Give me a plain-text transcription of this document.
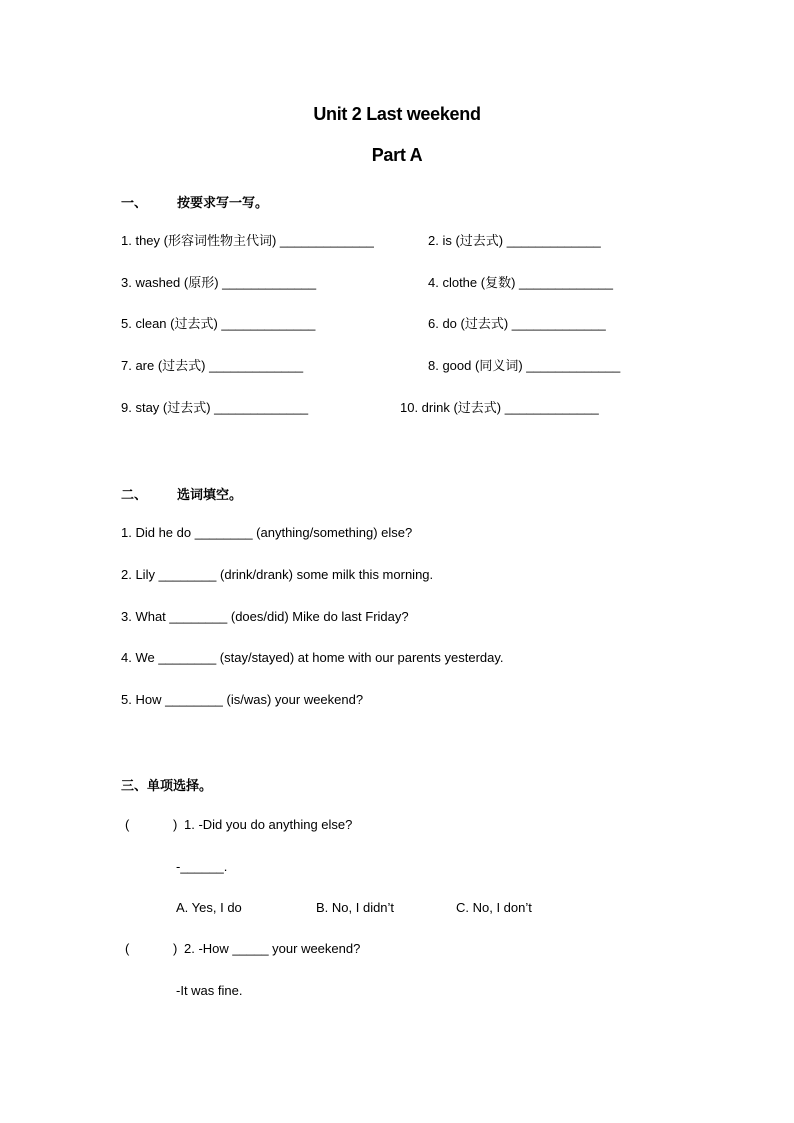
Unit 2 Last weekend
Part A
一、 按要求写一写。
1. they (形容词性物主代词) _____________	2. is (过去式) _____________
3. washed (原形) _____________	4. clothe (复数) _____________
5. clean (过去式) _____________	6. do (过去式) _____________
7. are (过去式) _____________	8. good (同义词) _____________
9. stay (过去式) _____________	10. drink (过去式) _____________
二、 选词填空。
1. Did he do ________ (anything/something) else?
2. Lily ________ (drink/drank) some milk this morning.
3. What ________ (does/did) Mike do last Friday?
4. We ________ (stay/stayed) at home with our parents yesterday.
5. How ________ (is/was) your weekend?
三、单项选择。
(	) 1. -Did you do anything else?
-______.
A. Yes, I do	B. No, I didn’t	C. No, I don’t
(	) 2. -How _____ your weekend?
-It was fine.
